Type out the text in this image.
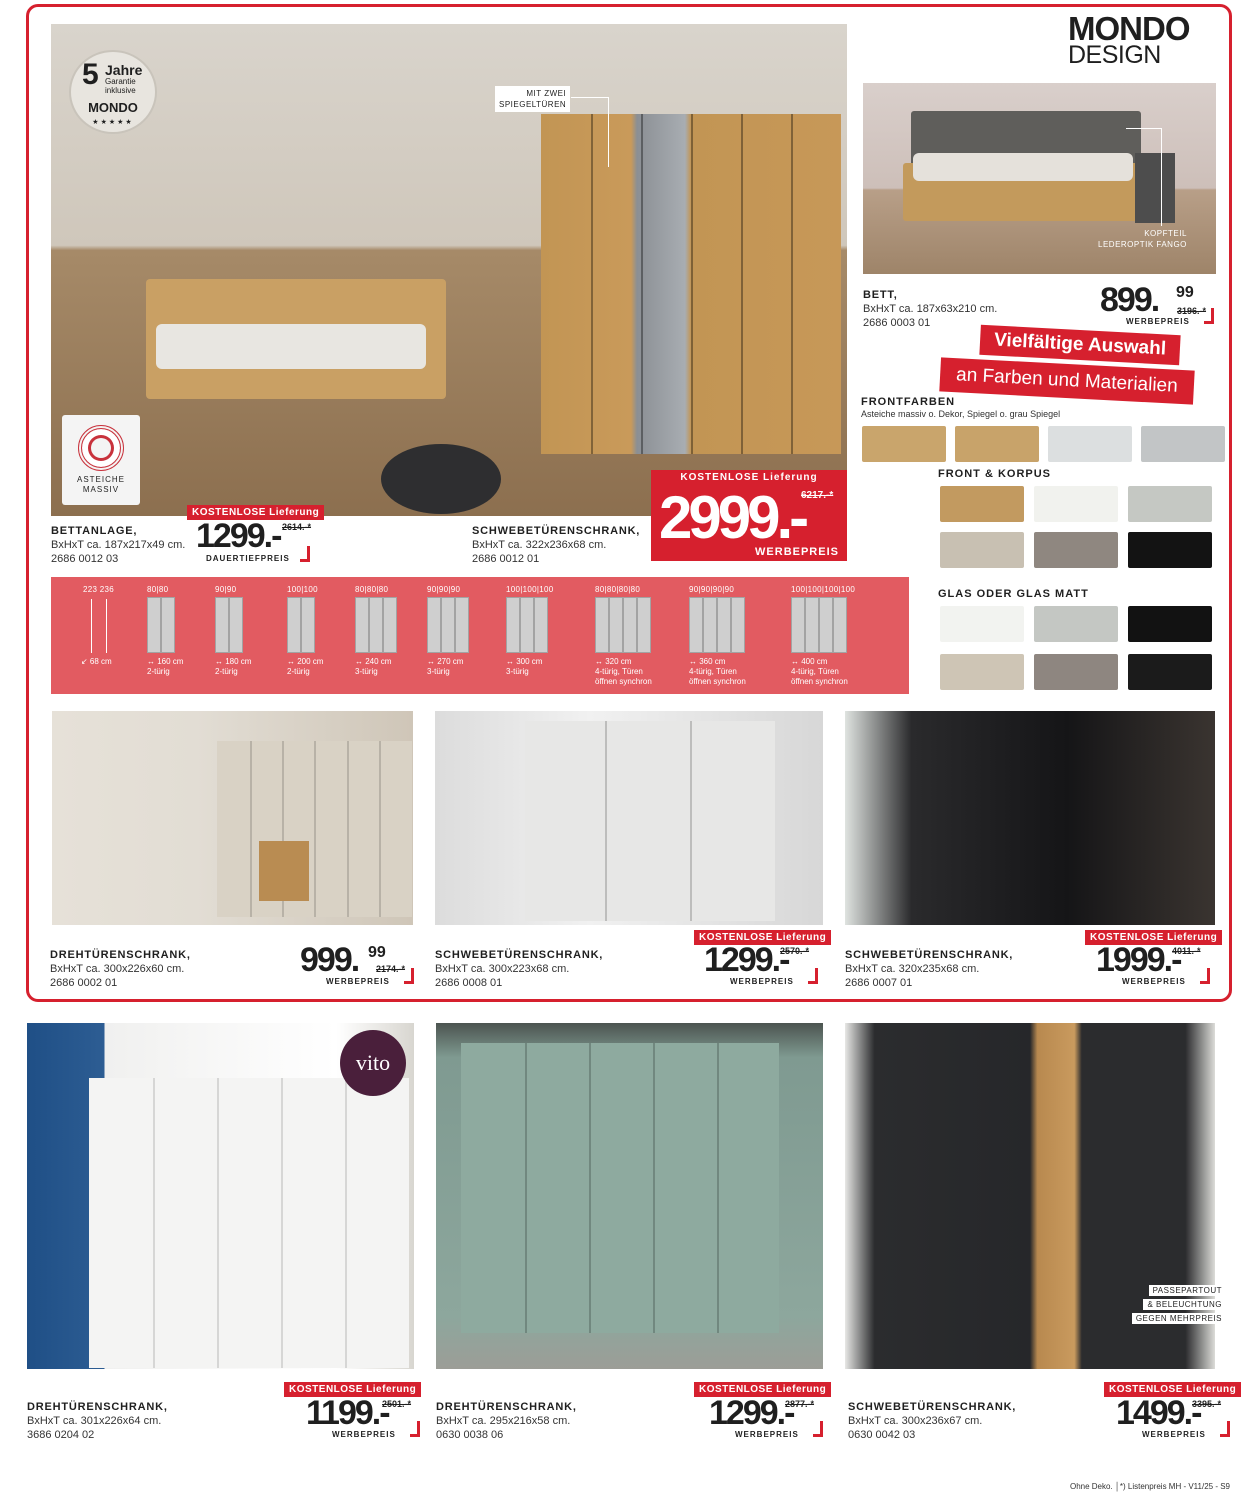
MIT ZWEI
SPIEGELTÜREN
5 Jahre
Garantie
inklusive
MONDO
★★★★★
ASTEICHE
MASSIV
BETTANLAGE,
BxHxT ca. 187x217x49 cm.
2686 0012 03
KOSTENLOSE Lieferung
1299.- 2614.-*
DAUERTIEFPREIS
SCHWEBETÜRENSCHRANK,
BxHxT ca. 322x236x68 cm.
2686 0012 01
KOSTENLOSE Lieferung
2999.-
6217.-*
WERBEPREIS
MONDO
DESIGN
KOPFTEIL
LEDEROPTIK FANGO
BETT,
BxHxT ca. 187x63x210 cm.
2686 0003 01
899. 99
3196.-*
WERBEPREIS
Vielfältige Auswahl
an Farben und Materialien
FRONTFARBEN
Asteiche massiv o. Dekor, Spiegel o. grau Spiegel
FRONT & KORPUS
GLAS ODER GLAS MATT
223 236
↙ 68 cm
80|80
↔ 160 cm
2-türig
90|90
↔ 180 cm
2-türig
100|100
↔ 200 cm
2-türig
80|80|80
↔ 240 cm
3-türig
90|90|90
↔ 270 cm
3-türig
100|100|100
↔ 300 cm
3-türig
80|80|80|80
↔ 320 cm
4-türig, Türen
öffnen synchron
90|90|90|90
↔ 360 cm
4-türig, Türen
öffnen synchron
100|100|100|100
↔ 400 cm
4-türig, Türen
öffnen synchron
vito
PASSEPARTOUT
& BELEUCHTUNG
GEGEN MEHRPREIS
Ohne Deko. │*) Listenpreis MH - V11/25 - S9
DREHTÜRENSCHRANK,
BxHxT ca. 300x226x60 cm.
2686 0002 01
999. 99
2174.-*
WERBEPREIS
SCHWEBETÜRENSCHRANK,
BxHxT ca. 300x223x68 cm.
2686 0008 01
KOSTENLOSE Lieferung
1299.-
2570.-*
WERBEPREIS
SCHWEBETÜRENSCHRANK,
BxHxT ca. 320x235x68 cm.
2686 0007 01
KOSTENLOSE Lieferung
1999.-
4011.-*
WERBEPREIS
DREHTÜRENSCHRANK,
BxHxT ca. 301x226x64 cm.
3686 0204 02
KOSTENLOSE Lieferung
1199.-
2501.-*
WERBEPREIS
DREHTÜRENSCHRANK,
BxHxT ca. 295x216x58 cm.
0630 0038 06
KOSTENLOSE Lieferung
1299.-
2877.-*
WERBEPREIS
SCHWEBETÜRENSCHRANK,
BxHxT ca. 300x236x67 cm.
0630 0042 03
KOSTENLOSE Lieferung
1499.-
3395.-*
WERBEPREIS
